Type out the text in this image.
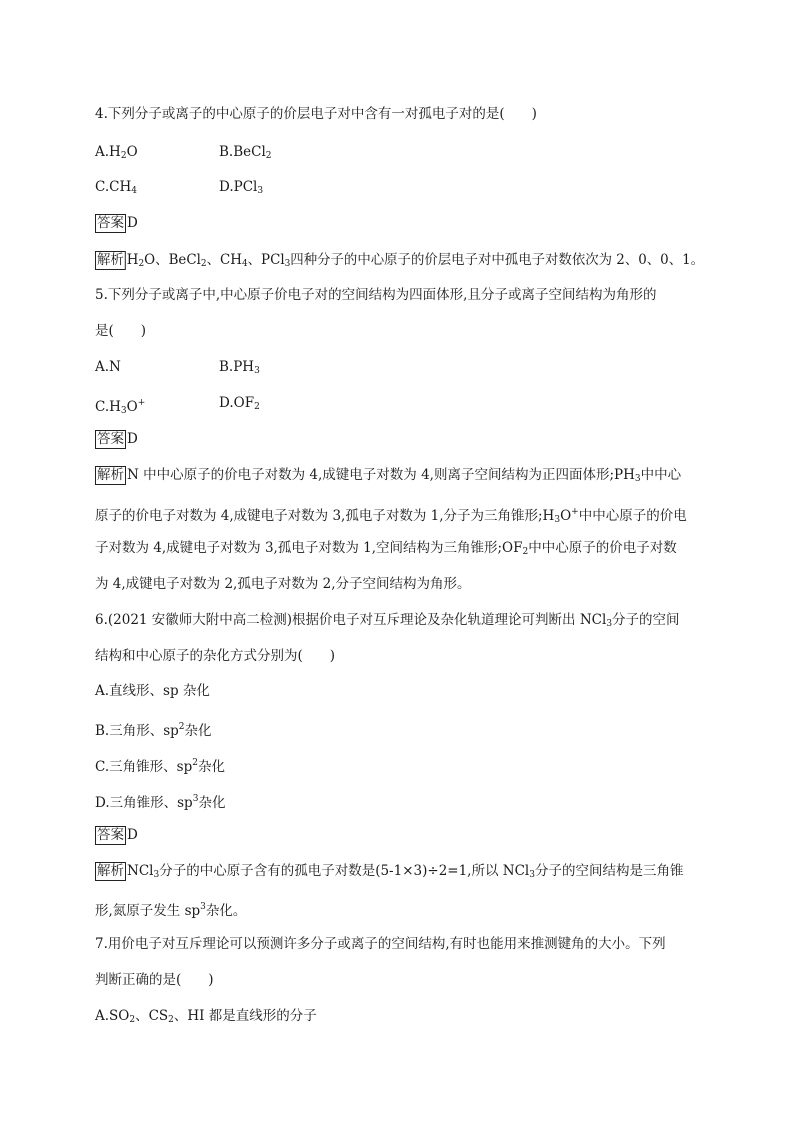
4.下列分子或离子的中心原子的价层电子对中含有一对孤电子对的是(　　)
$A.H_2O$	B.BeCl$_2$
$C.CH_4$	D.PCl$_3$
答案 D
解析 $H_2O$、BeCl$_2$、$CH_4$、PCl$_3$四种分子的中心原子的价层电子对中孤电子对数依次为 2、0、0、1。
5.下列分子或离子中,中心原子价电子对的空间结构为四面体形,且分子或离子空间结构为角形的
是(　　)
A.N	$B.PH_3$
$C.H_3O^+$	$D.OF_2$
答案 D
解析 N 中中心原子的价电子对数为 4,成键电子对数为 4,则离子空间结构为正四面体形$;PH_3$中中心
原子的价电子对数为 4,成键电子对数为 3,孤电子对数为 1,分子为三角锥形$;H_3O^+$中中心原子的价电
子对数为 4,成键电子对数为 3,孤电子对数为 1,空间结构为三角锥形$;OF_2$中中心原子的价电子对数
为 4,成键电子对数为 2,孤电子对数为 2,分子空间结构为角形。
6.(2021 安徽师大附中高二检测)根据价电子对互斥理论及杂化轨道理论可判断出 NCl$_3$分子的空间
结构和中心原子的杂化方式分别为(　　)
A.直线形、sp 杂化
B.三角形、$sp^2$杂化
C.三角锥形、$sp^2$杂化
D.三角锥形、$sp^3$杂化
答案 D
解析 NCl$_3$分子的中心原子含有的孤电子对数是(5-1×3)÷2=1,所以 NCl$_3$分子的空间结构是三角锥
形,氮原子发生 $sp^3$杂化。
7.用价电子对互斥理论可以预测许多分子或离子的空间结构,有时也能用来推测键角的大小。下列
判断正确的是(　　)
$A.SO_2$、$CS_2$、HI 都是直线形的分子
